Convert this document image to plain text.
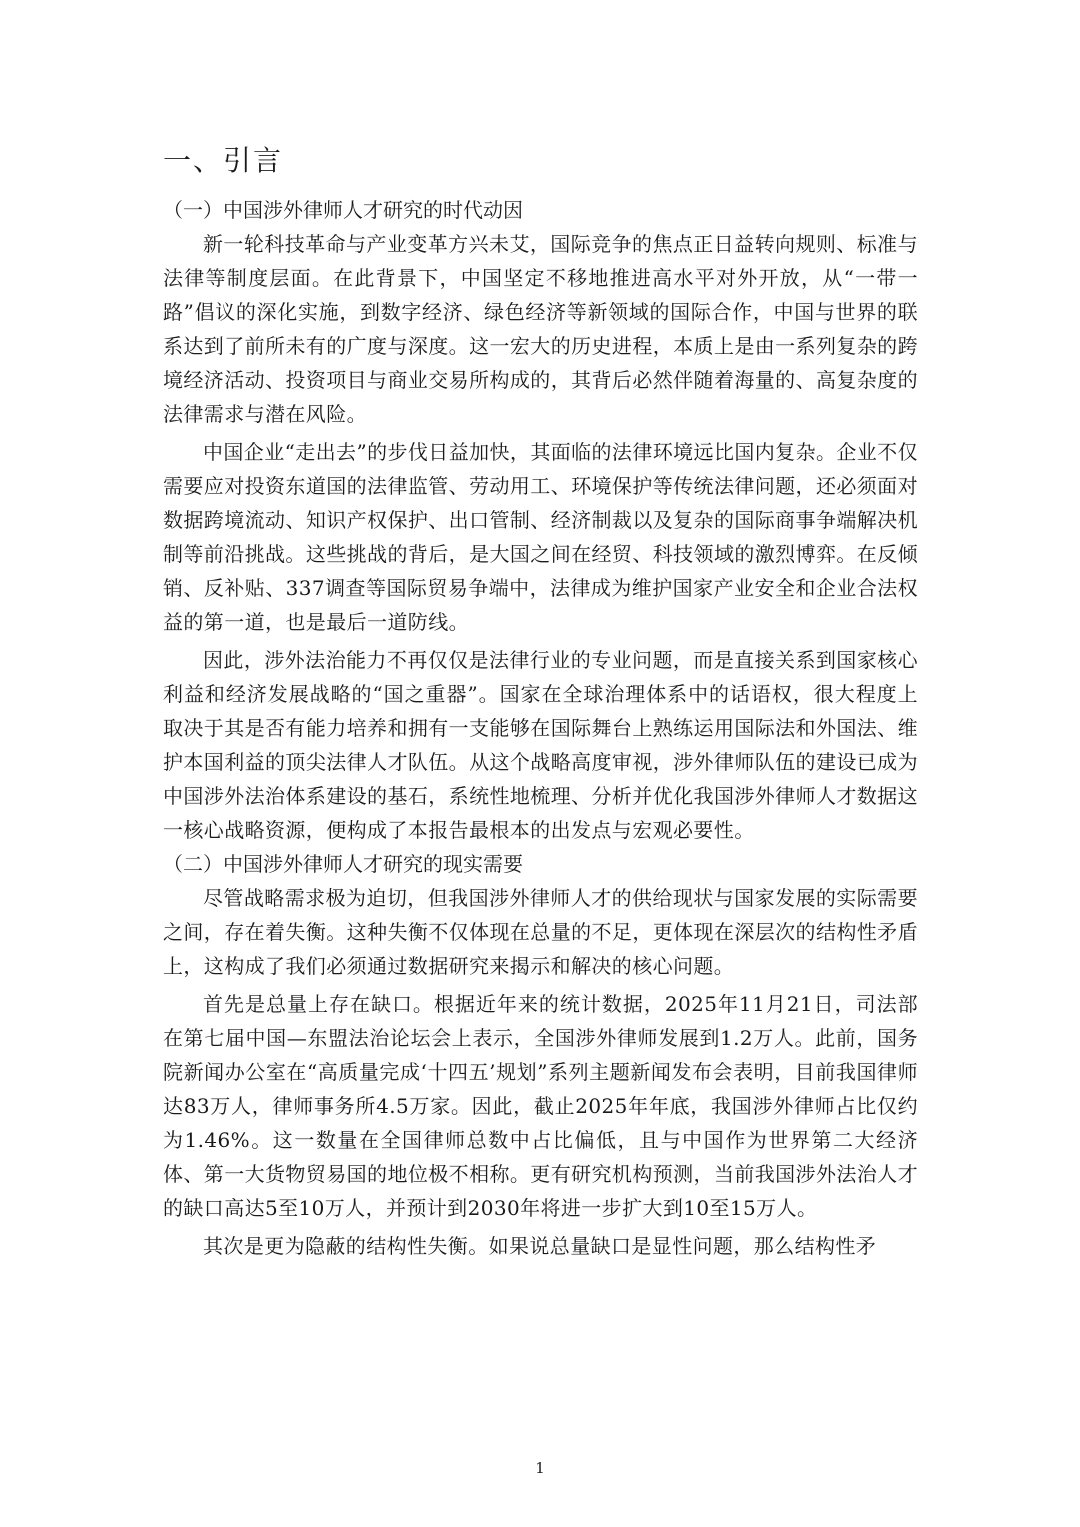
一、引言
（一）中国涉外律师人才研究的时代动因

新一轮科技革命与产业变革方兴未艾，国际竞争的焦点正日益转向规则、标准与法律等制度层面。在此背景下，中国坚定不移地推进高水平对外开放，从“一带一路”倡议的深化实施，到数字经济、绿色经济等新领域的国际合作，中国与世界的联系达到了前所未有的广度与深度。这一宏大的历史进程，本质上是由一系列复杂的跨境经济活动、投资项目与商业交易所构成的，其背后必然伴随着海量的、高复杂度的法律需求与潜在风险。

中国企业“走出去”的步伐日益加快，其面临的法律环境远比国内复杂。企业不仅需要应对投资东道国的法律监管、劳动用工、环境保护等传统法律问题，还必须面对数据跨境流动、知识产权保护、出口管制、经济制裁以及复杂的国际商事争端解决机制等前沿挑战。这些挑战的背后，是大国之间在经贸、科技领域的激烈博弈。在反倾销、反补贴、337调查等国际贸易争端中，法律成为维护国家产业安全和企业合法权益的第一道，也是最后一道防线。

因此，涉外法治能力不再仅仅是法律行业的专业问题，而是直接关系到国家核心利益和经济发展战略的“国之重器”。国家在全球治理体系中的话语权，很大程度上取决于其是否有能力培养和拥有一支能够在国际舞台上熟练运用国际法和外国法、维护本国利益的顶尖法律人才队伍。从这个战略高度审视，涉外律师队伍的建设已成为中国涉外法治体系建设的基石，系统性地梳理、分析并优化我国涉外律师人才数据这一核心战略资源，便构成了本报告最根本的出发点与宏观必要性。

（二）中国涉外律师人才研究的现实需要

尽管战略需求极为迫切，但我国涉外律师人才的供给现状与国家发展的实际需要之间，存在着失衡。这种失衡不仅体现在总量的不足，更体现在深层次的结构性矛盾上，这构成了我们必须通过数据研究来揭示和解决的核心问题。

首先是总量上存在缺口。根据近年来的统计数据，2025年11月21日，司法部在第七届中国—东盟法治论坛会上表示，全国涉外律师发展到1.2万人。此前，国务院新闻办公室在“高质量完成‘十四五’规划”系列主题新闻发布会表明，目前我国律师达83万人，律师事务所4.5万家。因此，截止2025年年底，我国涉外律师占比仅约为1.46%。这一数量在全国律师总数中占比偏低，且与中国作为世界第二大经济体、第一大货物贸易国的地位极不相称。更有研究机构预测，当前我国涉外法治人才的缺口高达5至10万人，并预计到2030年将进一步扩大到10至15万人。

其次是更为隐蔽的结构性失衡。如果说总量缺口是显性问题，那么结构性矛

1
